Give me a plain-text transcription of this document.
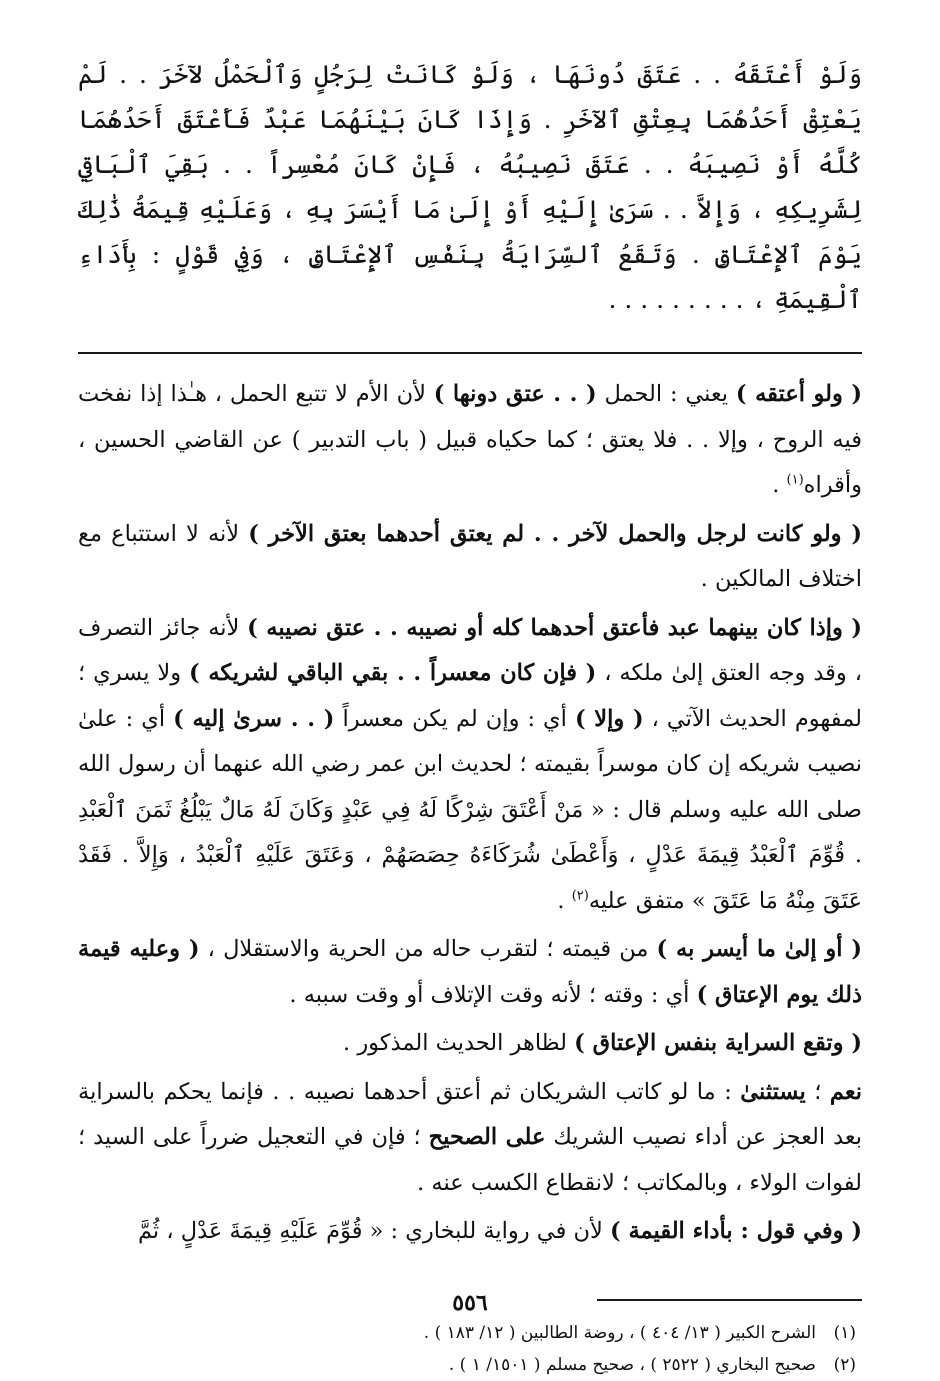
وَلَوْ أَعْتَقَهُ . . عَتَقَ دُونَهَا ، وَلَوْ كَانَتْ لِرَجُلٍ وَٱلْحَمْلُ لآخَرَ . . لَمْ يَعْتِقْ أَحَدُهُمَا بِعِتْقِ ٱلآخَرِ . وَإِذَا كَانَ بَيْنَهُمَا عَبْدٌ فَأَعْتَقَ أَحَدُهُمَا كُلَّهُ أَوْ نَصِيبَهُ . . عَتَقَ نَصِيبُهُ ، فَإِنْ كَانَ مُعْسِراً . . بَقِيَ ٱلْبَاقِي لِشَرِيكِهِ ، وَإِلاَّ . . سَرَىٰ إِلَيْهِ أَوْ إِلَىٰ مَا أَيْسَرَ بِهِ ، وَعَلَيْهِ قِيمَةُ ذَٰلِكَ يَوْمَ ٱلإِعْتَاقِ . وَتَقَعُ ٱلسِّرَايَةُ بِنَفْسِ ٱلإِعْتَاقِ ، وَفِي قَوْلٍ : بِأَدَاءِ ٱلْقِيمَةِ ، . . . . . . . . .

( ولو أعتقه ) يعني : الحمل ( . . عتق دونها ) لأن الأم لا تتبع الحمل ، هـٰذا إذا نفخت فيه الروح ، وإلا . . فلا يعتق ؛ كما حكياه قبيل ( باب التدبير ) عن القاضي الحسين ، وأقراه$^{(١)}$ .

( ولو كانت لرجل والحمل لآخر . . لم يعتق أحدهما بعتق الآخر ) لأنه لا استتباع مع اختلاف المالكين .

( وإذا كان بينهما عبد فأعتق أحدهما كله أو نصيبه . . عتق نصيبه ) لأنه جائز التصرف ، وقد وجه العتق إلىٰ ملكه ، ( فإن كان معسراً . . بقي الباقي لشريكه ) ولا يسري ؛ لمفهوم الحديث الآتي ، ( وإلا ) أي : وإن لم يكن معسراً ( . . سرىٰ إليه ) أي : علىٰ نصيب شريكه إن كان موسراً بقيمته ؛ لحديث ابن عمر رضي الله عنهما أن رسول الله صلى الله عليه وسلم قال : « مَنْ أَعْتَقَ شِرْكًا لَهُ فِي عَبْدٍ وَكَانَ لَهُ مَالٌ يَبْلُغُ ثَمَنَ ٱلْعَبْدِ . قُوِّمَ ٱلْعَبْدُ قِيمَةَ عَدْلٍ ، وَأَعْطَىٰ شُرَكَاءَهُ حِصَصَهُمْ ، وَعَتَقَ عَلَيْهِ ٱلْعَبْدُ ، وَإِلاَّ . فَقَدْ عَتَقَ مِنْهُ مَا عَتَقَ » متفق عليه$^{(٢)}$ .

( أو إلىٰ ما أيسر به ) من قيمته ؛ لتقرب حاله من الحرية والاستقلال ، ( وعليه قيمة ذلك يوم الإعتاق ) أي : وقته ؛ لأنه وقت الإتلاف أو وقت سببه .

( وتقع السراية بنفس الإعتاق ) لظاهر الحديث المذكور .

نعم ؛ يستثنىٰ : ما لو كاتب الشريكان ثم أعتق أحدهما نصيبه . . فإنما يحكم بالسراية بعد العجز عن أداء نصيب الشريك على الصحيح ؛ فإن في التعجيل ضرراً على السيد ؛ لفوات الولاء ، وبالمكاتب ؛ لانقطاع الكسب عنه .

( وفي قول : بأداء القيمة ) لأن في رواية للبخاري : « قُوِّمَ عَلَيْهِ قِيمَةَ عَدْلٍ ، ثُمَّ

(١)الشرح الكبير ( ١٣/ ٤٠٤ ) ، روضة الطالبين ( ١٢/ ١٨٣ ) .

(٢)صحيح البخاري ( ٢٥٢٢ ) ، صحيح مسلم ( ١٥٠١/ ١ ) .

٥٥٦
